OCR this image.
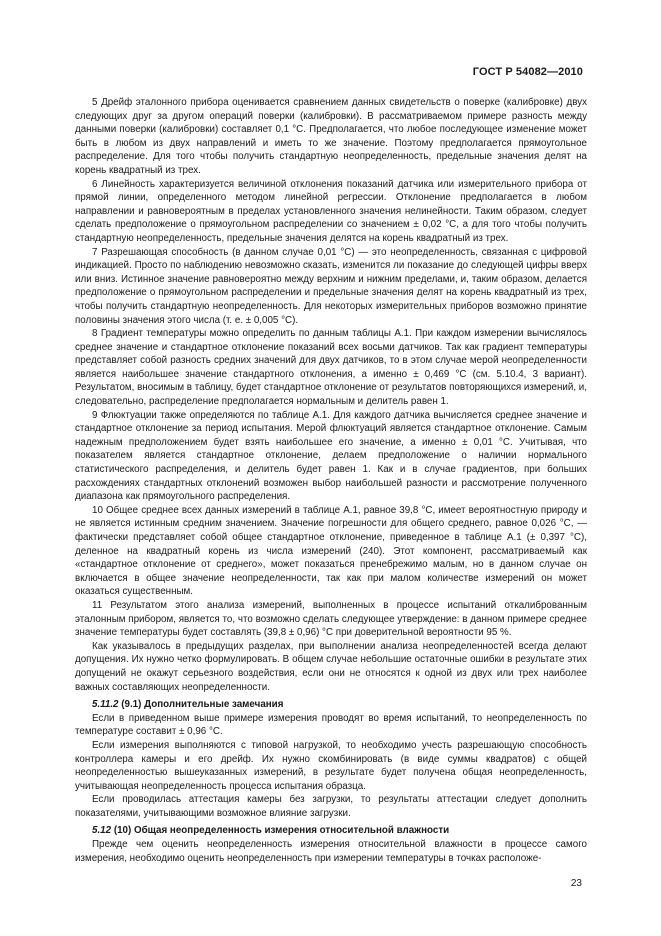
ГОСТ Р 54082—2010

5 Дрейф эталонного прибора оценивается сравнением данных свидетельств о поверке (калибровке) двух следующих друг за другом операций поверки (калибровки). В рассматриваемом примере разность между данными поверки (калибровки) составляет 0,1 °С. Предполагается, что любое последующее изменение может быть в любом из двух направлений и иметь то же значение. Поэтому предполагается прямоугольное распределение. Для того чтобы получить стандартную неопределенность, предельные значения делят на корень квадратный из трех.

6 Линейность характеризуется величиной отклонения показаний датчика или измерительного прибора от прямой линии, определенного методом линейной регрессии. Отклонение предполагается в любом направлении и равновероятным в пределах установленного значения нелинейности. Таким образом, следует сделать предположение о прямоугольном распределении со значением ± 0,02 °С, а для того чтобы получить стандартную неопределенность, предельные значения делятся на корень квадратный из трех.

7 Разрешающая способность (в данном случае 0,01 °С) — это неопределенность, связанная с цифровой индикацией. Просто по наблюдению невозможно сказать, изменится ли показание до следующей цифры вверх или вниз. Истинное значение равновероятно между верхним и нижним пределами, и, таким образом, делается предположение о прямоугольном распределении и предельные значения делят на корень квадратный из трех, чтобы получить стандартную неопределенность. Для некоторых измерительных приборов возможно принятие половины значения этого числа (т. е. ± 0,005 °С).

8 Градиент температуры можно определить по данным таблицы А.1. При каждом измерении вычислялось среднее значение и стандартное отклонение показаний всех восьми датчиков. Так как градиент температуры представляет собой разность средних значений для двух датчиков, то в этом случае мерой неопределенности является наибольшее значение стандартного отклонения, а именно ± 0,469 °С (см. 5.10.4, 3 вариант). Результатом, вносимым в таблицу, будет стандартное отклонение от результатов повторяющихся измерений, и, следовательно, распределение предполагается нормальным и делитель равен 1.

9 Флюктуации также определяются по таблице А.1. Для каждого датчика вычисляется среднее значение и стандартное отклонение за период испытания. Мерой флюктуаций является стандартное отклонение. Самым надежным предположением будет взять наибольшее его значение, а именно ± 0,01 °С. Учитывая, что показателем является стандартное отклонение, делаем предположение о наличии нормального статистического распределения, и делитель будет равен 1. Как и в случае градиентов, при больших расхождениях стандартных отклонений возможен выбор наибольшей разности и рассмотрение полученного диапазона как прямоугольного распределения.

10 Общее среднее всех данных измерений в таблице А.1, равное 39,8 °С, имеет вероятностную природу и не является истинным средним значением. Значение погрешности для общего среднего, равное 0,026 °С, — фактически представляет собой общее стандартное отклонение, приведенное в таблице А.1 (± 0,397 °С), деленное на квадратный корень из числа измерений (240). Этот компонент, рассматриваемый как «стандартное отклонение от среднего», может показаться пренебрежимо малым, но в данном случае он включается в общее значение неопределенности, так как при малом количестве измерений он может оказаться существенным.

11 Результатом этого анализа измерений, выполненных в процессе испытаний откалиброванным эталонным прибором, является то, что возможно сделать следующее утверждение: в данном примере среднее значение температуры будет составлять (39,8 ± 0,96) °С при доверительной вероятности 95 %.

Как указывалось в предыдущих разделах, при выполнении анализа неопределенностей всегда делают допущения. Их нужно четко формулировать. В общем случае небольшие остаточные ошибки в результате этих допущений не окажут серьезного воздействия, если они не относятся к одной из двух или трех наиболее важных составляющих неопределенности.

5.11.2 (9.1) Дополнительные замечания

Если в приведенном выше примере измерения проводят во время испытаний, то неопределенность по температуре составит ± 0,96 °С.

Если измерения выполняются с типовой нагрузкой, то необходимо учесть разрешающую способность контроллера камеры и его дрейф. Их нужно скомбинировать (в виде суммы квадратов) с общей неопределенностью вышеуказанных измерений, в результате будет получена общая неопределенность, учитывающая неопределенность процесса испытания образца.

Если проводилась аттестация камеры без загрузки, то результаты аттестации следует дополнить показателями, учитывающими возможное влияние загрузки.

5.12 (10) Общая неопределенность измерения относительной влажности

Прежде чем оценить неопределенность измерения относительной влажности в процессе самого измерения, необходимо оценить неопределенность при измерении температуры в точках расположе-

23
